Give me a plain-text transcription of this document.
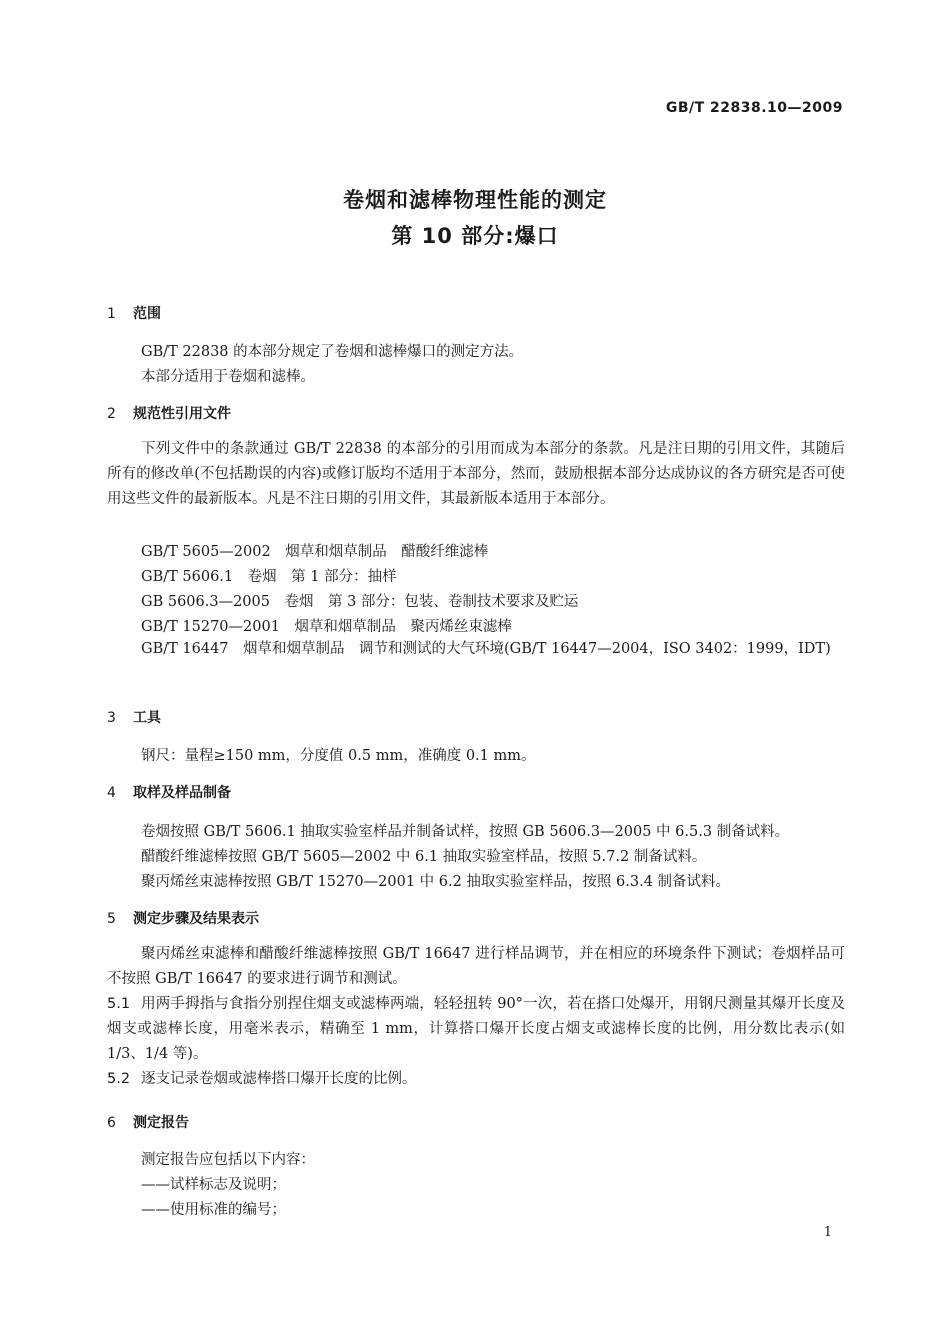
GB/T 22838.10—2009
卷烟和滤棒物理性能的测定
第 10 部分:爆口
1 范围
GB/T 22838 的本部分规定了卷烟和滤棒爆口的测定方法。
本部分适用于卷烟和滤棒。
2 规范性引用文件
下列文件中的条款通过 GB/T 22838 的本部分的引用而成为本部分的条款。凡是注日期的引用文件，其随后所有的修改单(不包括勘误的内容)或修订版均不适用于本部分，然而，鼓励根据本部分达成协议的各方研究是否可使用这些文件的最新版本。凡是不注日期的引用文件，其最新版本适用于本部分。
GB/T 5605—2002　烟草和烟草制品　醋酸纤维滤棒
GB/T 5606.1　卷烟　第 1 部分：抽样
GB 5606.3—2005　卷烟　第 3 部分：包装、卷制技术要求及贮运
GB/T 15270—2001　烟草和烟草制品　聚丙烯丝束滤棒
GB/T 16447　烟草和烟草制品　调节和测试的大气环境(GB/T 16447—2004，ISO 3402：1999，IDT)
3 工具
钢尺：量程≥150 mm，分度值 0.5 mm，准确度 0.1 mm。
4 取样及样品制备
卷烟按照 GB/T 5606.1 抽取实验室样品并制备试样，按照 GB 5606.3—2005 中 6.5.3 制备试料。
醋酸纤维滤棒按照 GB/T 5605—2002 中 6.1 抽取实验室样品，按照 5.7.2 制备试料。
聚丙烯丝束滤棒按照 GB/T 15270—2001 中 6.2 抽取实验室样品，按照 6.3.4 制备试料。
5 测定步骤及结果表示
聚丙烯丝束滤棒和醋酸纤维滤棒按照 GB/T 16647 进行样品调节，并在相应的环境条件下测试；卷烟样品可不按照 GB/T 16647 的要求进行调节和测试。
5.1 用两手拇指与食指分别捏住烟支或滤棒两端，轻轻扭转 90°一次，若在搭口处爆开，用钢尺测量其爆开长度及烟支或滤棒长度，用毫米表示，精确至 1 mm，计算搭口爆开长度占烟支或滤棒长度的比例，用分数比表示(如 1/3、1/4 等)。
5.2 逐支记录卷烟或滤棒搭口爆开长度的比例。
6 测定报告
测定报告应包括以下内容：
——试样标志及说明；
——使用标准的编号；
1
